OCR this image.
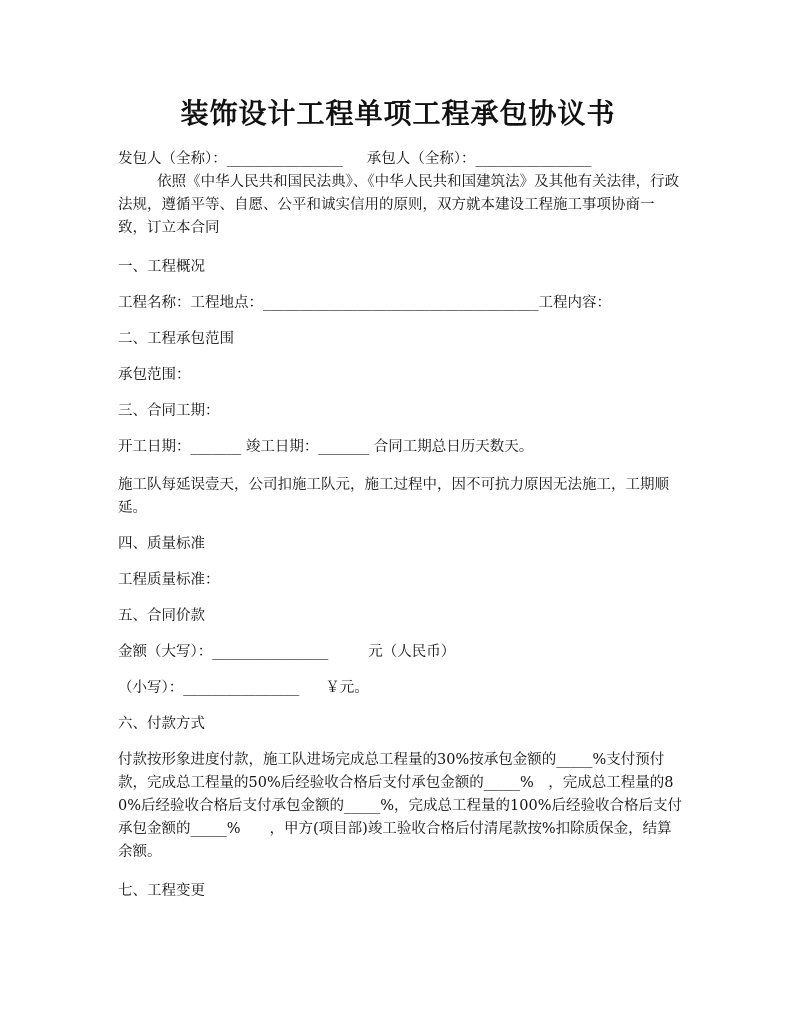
装饰设计工程单项工程承包协议书
发包人（全称）：________________ 承包人（全称）：________________
依照《中华人民共和国民法典》、《中华人民共和国建筑法》及其他有关法律，行政法规，遵循平等、自愿、公平和诚实信用的原则，双方就本建设工程施工事项协商一致，订立本合同
一、工程概况
工程名称：工程地点：______________________________________工程内容：
二、工程承包范围
承包范围：
三、合同工期：
开工日期：_______ 竣工日期：_______ 合同工期总日历天数天。
施工队每延误壹天，公司扣施工队元，施工过程中，因不可抗力原因无法施工，工期顺延。
四、质量标准
工程质量标准：
五、合同价款
金额（大写）：________________	元（人民币）
（小写）：________________ ￥元。
六、付款方式
付款按形象进度付款，施工队进场完成总工程量的30%按承包金额的_____%支付预付款，完成总工程量的50%后经验收合格后支付承包金额的_____%　，完成总工程量的80%后经验收合格后支付承包金额的_____%，完成总工程量的100%后经验收合格后支付承包金额的_____%　　，甲方(项目部)竣工验收合格后付清尾款按%扣除质保金，结算余额。
七、工程变更
